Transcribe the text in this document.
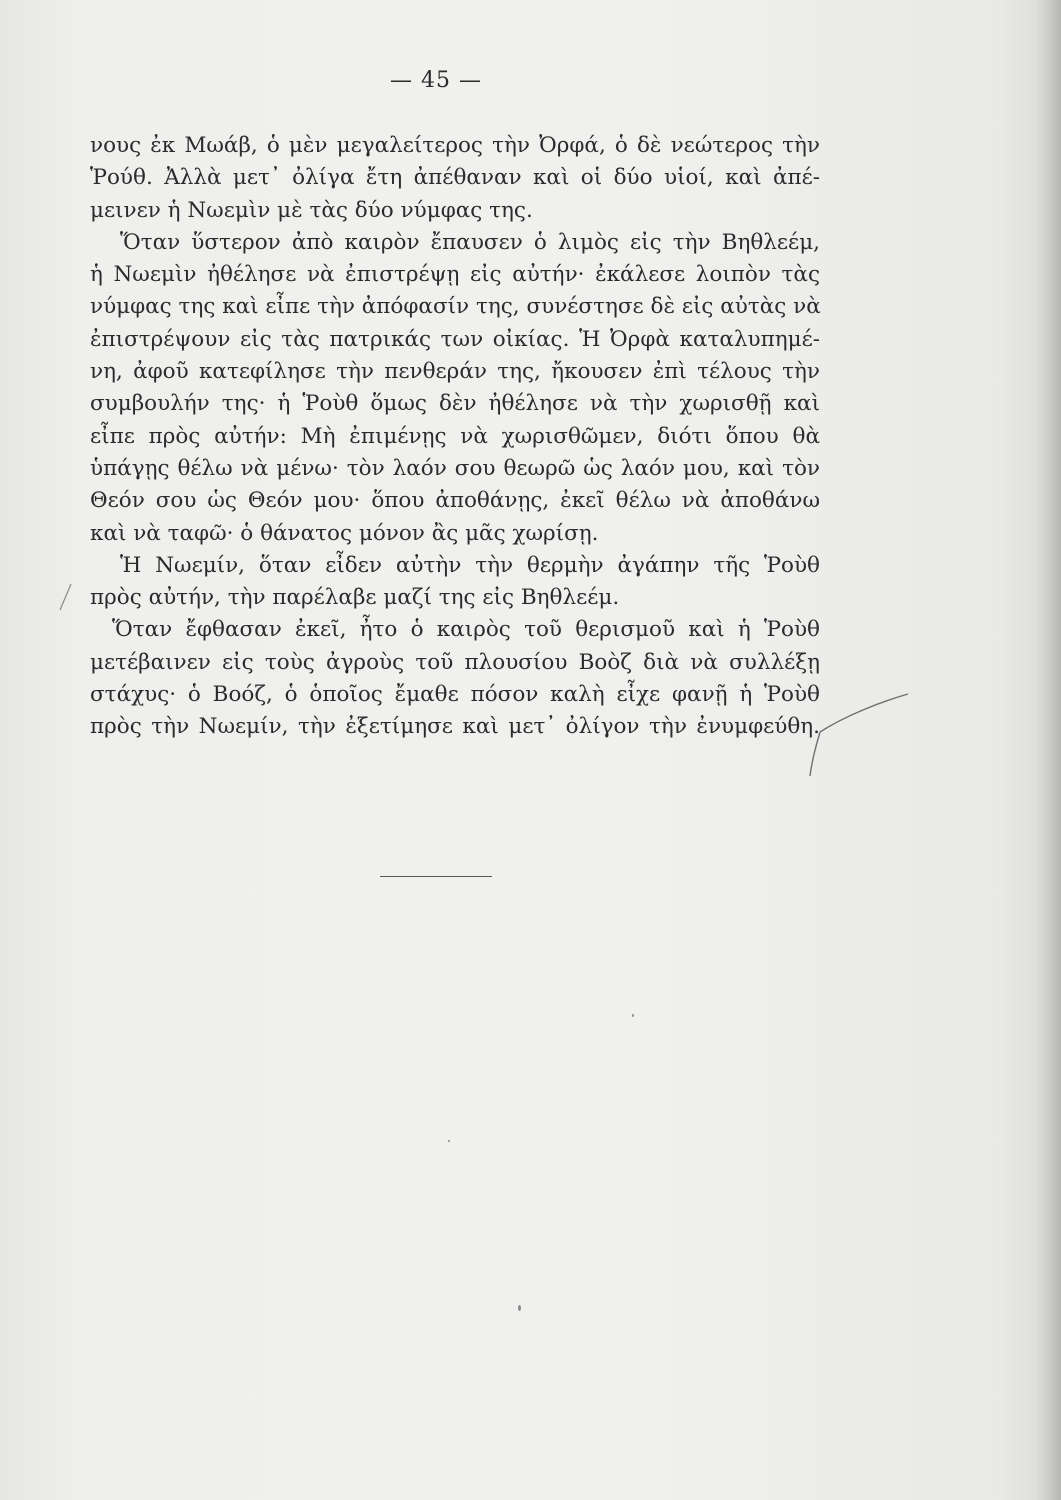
— 45 —
νους ἐκ Μωάβ, ὁ μὲν μεγαλείτερος τὴν Ὀρφά, ὁ δὲ νεώτερος τὴν
Ῥούθ. Ἀλλὰ μετ᾽ ὀλίγα ἔτη ἀπέθαναν καὶ οἱ δύο υἱοί, καὶ ἀπέ-
μεινεν ἡ Νωεμὶν μὲ τὰς δύο νύμφας της.
Ὅταν ὕστερον ἀπὸ καιρὸν ἔπαυσεν ὁ λιμὸς εἰς τὴν Βηθλεέμ,
ἡ Νωεμὶν ἠθέλησε νὰ ἐπιστρέψῃ εἰς αὐτήν· ἐκάλεσε λοιπὸν τὰς
νύμφας της καὶ εἶπε τὴν ἀπόφασίν της, συνέστησε δὲ εἰς αὐτὰς νὰ
ἐπιστρέψουν εἰς τὰς πατρικάς των οἰκίας. Ἡ Ὀρφὰ καταλυπημέ-
νη, ἀφοῦ κατεφίλησε τὴν πενθεράν της, ἤκουσεν ἐπὶ τέλους τὴν
συμβουλήν της· ἡ Ῥοὺθ ὅμως δὲν ἠθέλησε νὰ τὴν χωρισθῇ καὶ
εἶπε πρὸς αὐτήν: Μὴ ἐπιμένῃς νὰ χωρισθῶμεν, διότι ὅπου θὰ
ὑπάγῃς θέλω νὰ μένω· τὸν λαόν σου θεωρῶ ὡς λαόν μου, καὶ τὸν
Θεόν σου ὡς Θεόν μου· ὅπου ἀποθάνῃς, ἐκεῖ θέλω νὰ ἀποθάνω
καὶ νὰ ταφῶ· ὁ θάνατος μόνον ἂς μᾶς χωρίσῃ.
Ἡ Νωεμίν, ὅταν εἶδεν αὐτὴν τὴν θερμὴν ἀγάπην τῆς Ῥοὺθ
πρὸς αὐτήν, τὴν παρέλαβε μαζί της εἰς Βηθλεέμ.
Ὅταν ἔφθασαν ἐκεῖ, ἦτο ὁ καιρὸς τοῦ θερισμοῦ καὶ ἡ Ῥοὺθ
μετέβαινεν εἰς τοὺς ἀγροὺς τοῦ πλουσίου Βοὸζ διὰ νὰ συλλέξῃ
στάχυς· ὁ Βοόζ, ὁ ὁποῖος ἔμαθε πόσον καλὴ εἶχε φανῇ ἡ Ῥοὺθ
πρὸς τὴν Νωεμίν, τὴν ἐξετίμησε καὶ μετ᾽ ὀλίγον τὴν ἐνυμφεύθη.
